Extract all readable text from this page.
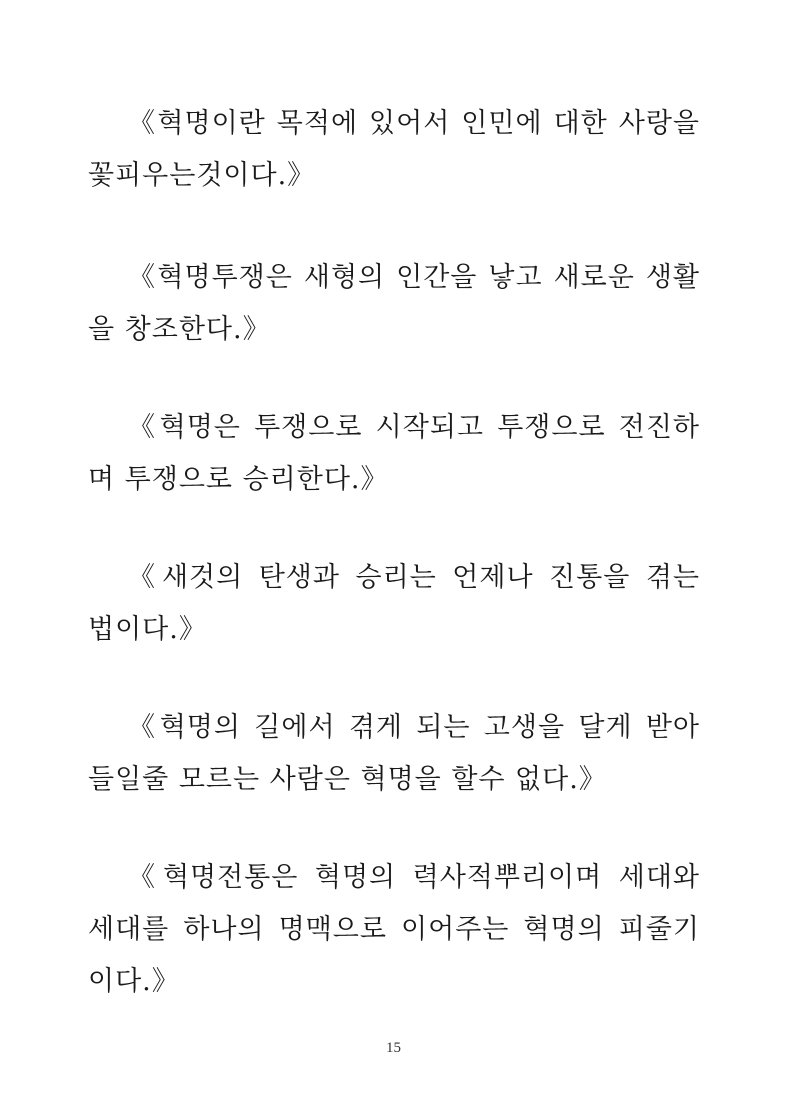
《혁명이란 목적에 있어서 인민에 대한 사랑을 꽃피우는것이다.》

《혁명투쟁은 새형의 인간을 낳고 새로운 생활을 창조한다.》

《혁명은 투쟁으로 시작되고 투쟁으로 전진하며 투쟁으로 승리한다.》

《새것의 탄생과 승리는 언제나 진통을 겪는 법이다.》

《혁명의 길에서 겪게 되는 고생을 달게 받아들일줄 모르는 사람은 혁명을 할수 없다.》

《혁명전통은 혁명의 력사적뿌리이며 세대와 세대를 하나의 명맥으로 이어주는 혁명의 피줄기이다.》

15
